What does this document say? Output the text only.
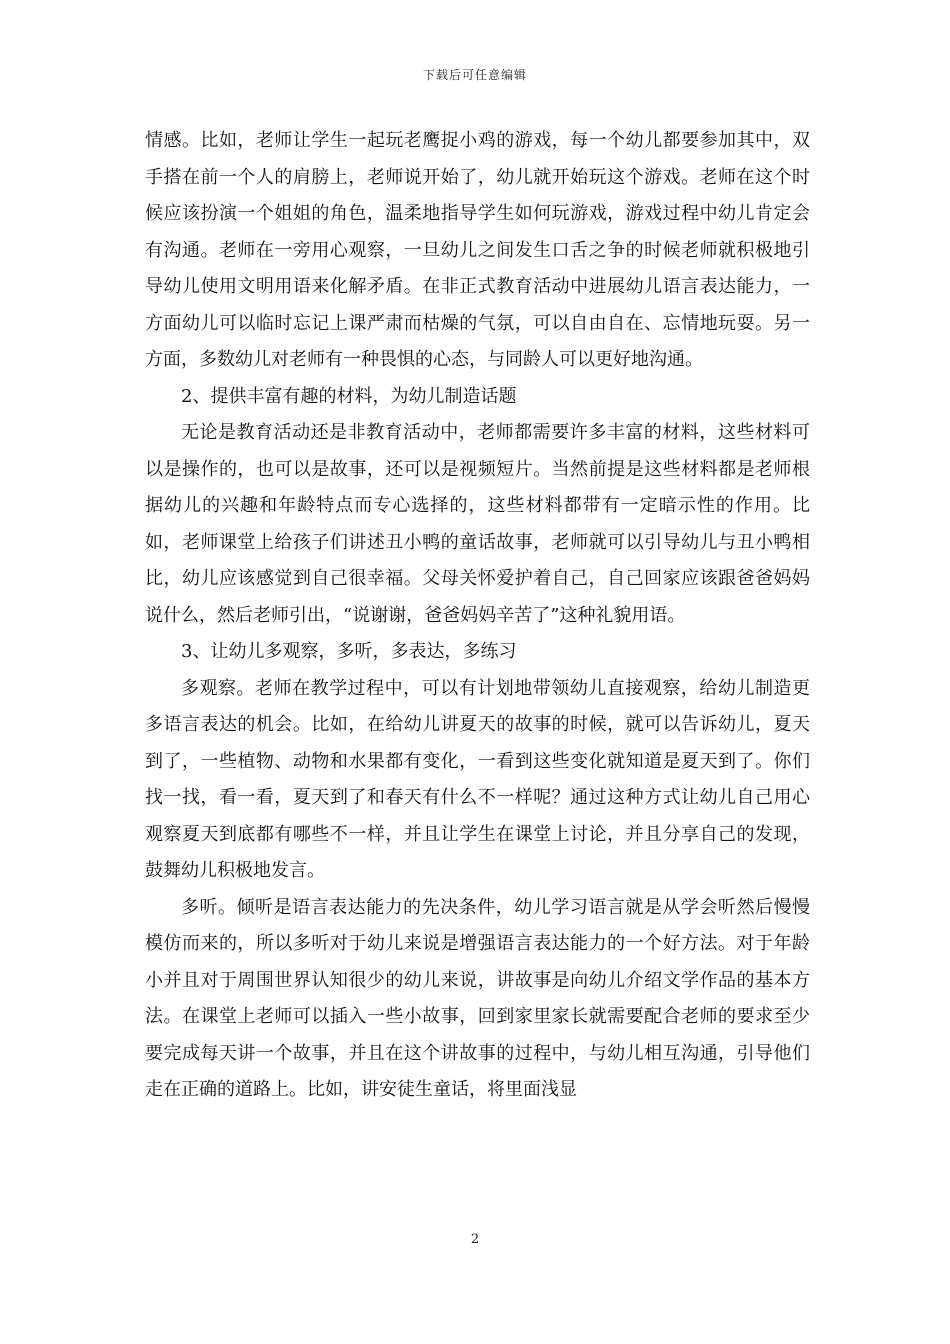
下载后可任意编辑

情感。比如，老师让学生一起玩老鹰捉小鸡的游戏，每一个幼儿都要参加其中，双手搭在前一个人的肩膀上，老师说开始了，幼儿就开始玩这个游戏。老师在这个时候应该扮演一个姐姐的角色，温柔地指导学生如何玩游戏，游戏过程中幼儿肯定会有沟通。老师在一旁用心观察，一旦幼儿之间发生口舌之争的时候老师就积极地引导幼儿使用文明用语来化解矛盾。在非正式教育活动中进展幼儿语言表达能力，一方面幼儿可以临时忘记上课严肃而枯燥的气氛，可以自由自在、忘情地玩耍。另一方面，多数幼儿对老师有一种畏惧的心态，与同龄人可以更好地沟通。

2、提供丰富有趣的材料，为幼儿制造话题

无论是教育活动还是非教育活动中，老师都需要许多丰富的材料，这些材料可以是操作的，也可以是故事，还可以是视频短片。当然前提是这些材料都是老师根据幼儿的兴趣和年龄特点而专心选择的，这些材料都带有一定暗示性的作用。比如，老师课堂上给孩子们讲述丑小鸭的童话故事，老师就可以引导幼儿与丑小鸭相比，幼儿应该感觉到自己很幸福。父母关怀爱护着自己，自己回家应该跟爸爸妈妈说什么，然后老师引出，“说谢谢，爸爸妈妈辛苦了”这种礼貌用语。

3、让幼儿多观察，多听，多表达，多练习

多观察。老师在教学过程中，可以有计划地带领幼儿直接观察，给幼儿制造更多语言表达的机会。比如，在给幼儿讲夏天的故事的时候，就可以告诉幼儿，夏天到了，一些植物、动物和水果都有变化，一看到这些变化就知道是夏天到了。你们找一找，看一看，夏天到了和春天有什么不一样呢？通过这种方式让幼儿自己用心观察夏天到底都有哪些不一样，并且让学生在课堂上讨论，并且分享自己的发现，鼓舞幼儿积极地发言。

多听。倾听是语言表达能力的先决条件，幼儿学习语言就是从学会听然后慢慢模仿而来的，所以多听对于幼儿来说是增强语言表达能力的一个好方法。对于年龄小并且对于周围世界认知很少的幼儿来说，讲故事是向幼儿介绍文学作品的基本方法。在课堂上老师可以插入一些小故事，回到家里家长就需要配合老师的要求至少要完成每天讲一个故事，并且在这个讲故事的过程中，与幼儿相互沟通，引导他们走在正确的道路上。比如，讲安徒生童话，将里面浅显

2
